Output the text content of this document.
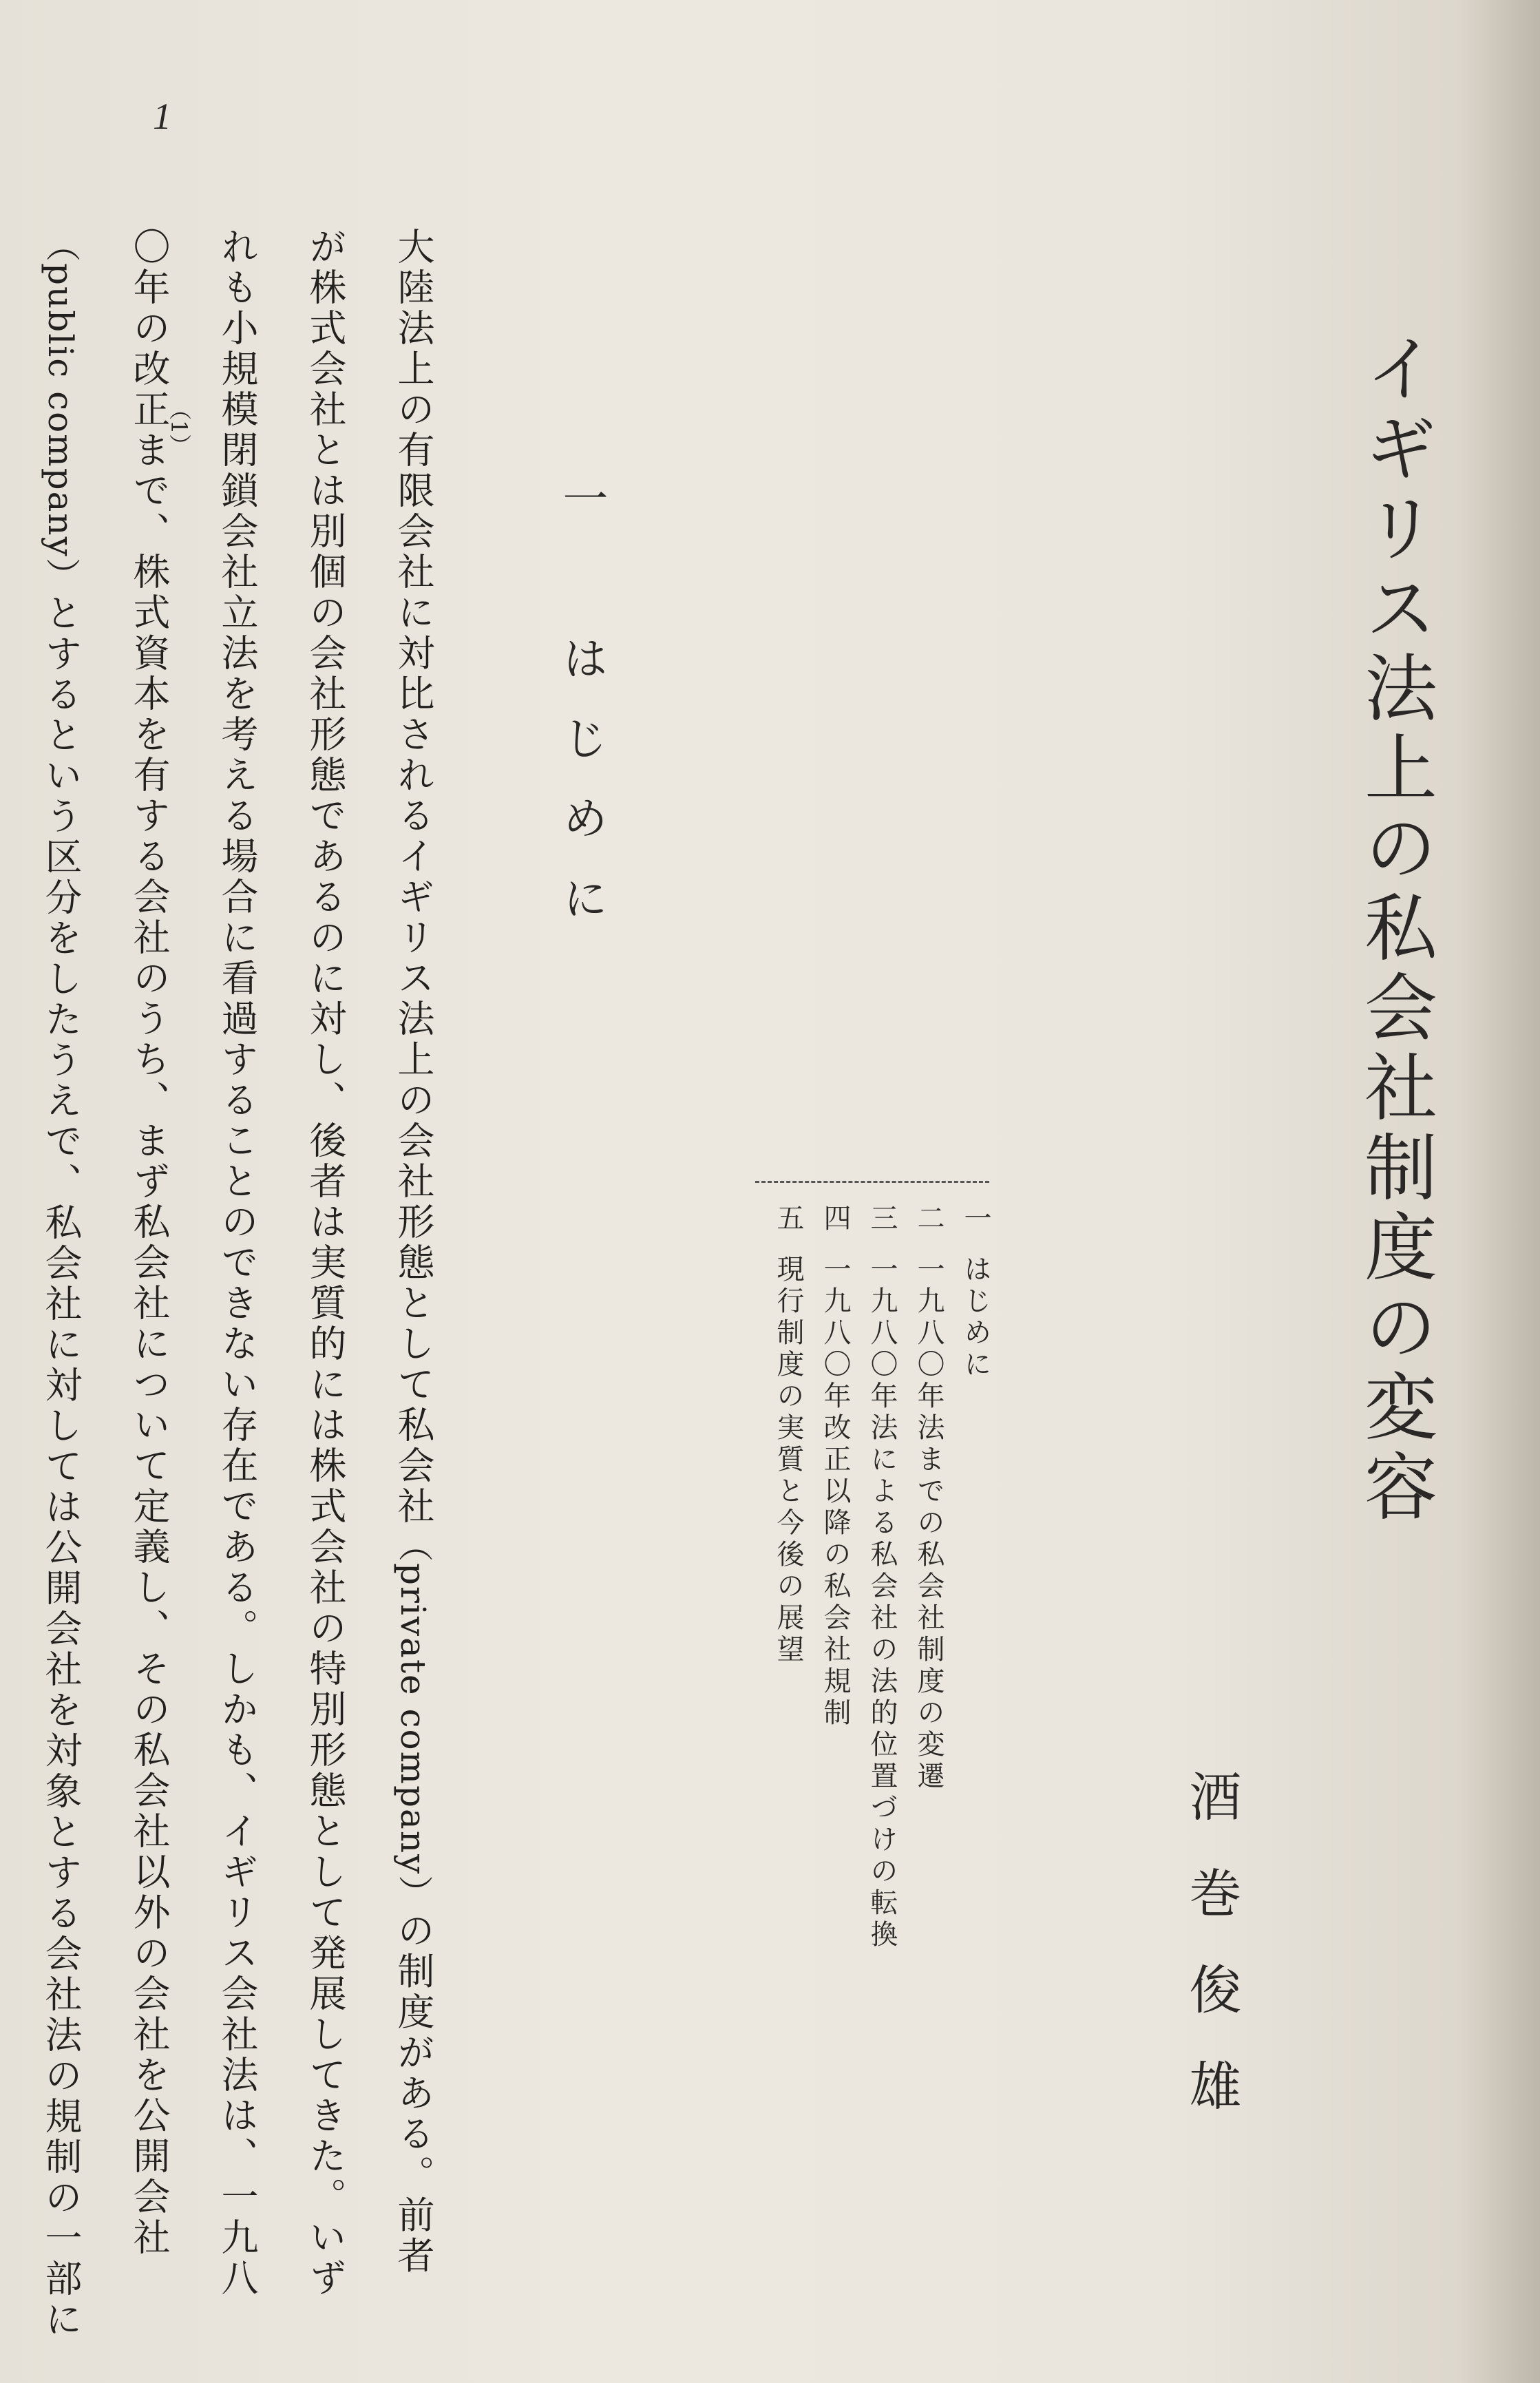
1
イギリス法上の私会社制度の変容
酒巻俊雄
一はじめに
二一九八〇年法までの私会社制度の変遷
三一九八〇年法による私会社の法的位置づけの転換
四一九八〇年改正以降の私会社規制
五現行制度の実質と今後の展望
一　はじめに
大陸法上の有限会社に対比されるイギリス法上の会社形態として私会社（private company）の制度がある。前者
が株式会社とは別個の会社形態であるのに対し、後者は実質的には株式会社の特別形態として発展してきた。いず
れも小規模閉鎖会社立法を考える場合に看過することのできない存在である。しかも、イギリス会社法は、一九八
〇年の改正まで、株式資本を有する会社のうち、まず私会社について定義し、その私会社以外の会社を公開会社
（1）
（public company）とするという区分をしたうえで、私会社に対しては公開会社を対象とする会社法の規制の一部に
